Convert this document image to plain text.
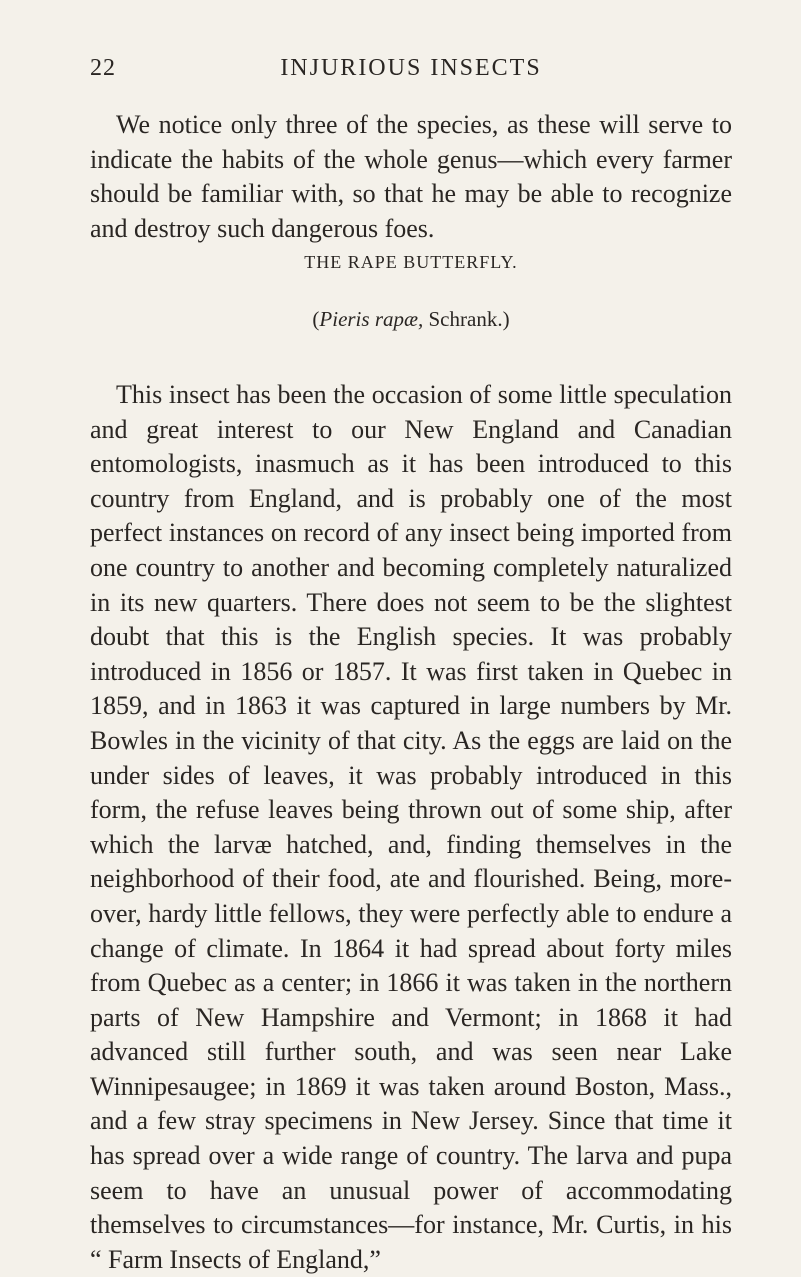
22	INJURIOUS INSECTS

We notice only three of the species, as these will serve to indicate the habits of the whole genus—which every farmer should be familiar with, so that he may be able to recognize and destroy such dangerous foes.

THE RAPE BUTTERFLY.
(Pieris rapæ, Schrank.)

This insect has been the occasion of some little speculation and great interest to our New England and Canadian entomologists, inasmuch as it has been introduced to this country from England, and is probably one of the most perfect instances on record of any insect being imported from one country to another and becoming completely naturalized in its new quarters. There does not seem to be the slightest doubt that this is the English species. It was probably introduced in 1856 or 1857. It was first taken in Quebec in 1859, and in 1863 it was captured in large numbers by Mr. Bowles in the vicinity of that city. As the eggs are laid on the under sides of leaves, it was probably introduced in this form, the refuse leaves being thrown out of some ship, after which the larvæ hatched, and, finding themselves in the neighborhood of their food, ate and flourished. Being, moreover, hardy little fellows, they were perfectly able to endure a change of climate. In 1864 it had spread about forty miles from Quebec as a center; in 1866 it was taken in the northern parts of New Hampshire and Vermont; in 1868 it had advanced still further south, and was seen near Lake Winnipesaugee; in 1869 it was taken around Boston, Mass., and a few stray specimens in New Jersey. Since that time it has spread over a wide range of country. The larva and pupa seem to have an unusual power of accommodating themselves to circumstances—for instance, Mr. Curtis, in his “ Farm Insects of England,”
